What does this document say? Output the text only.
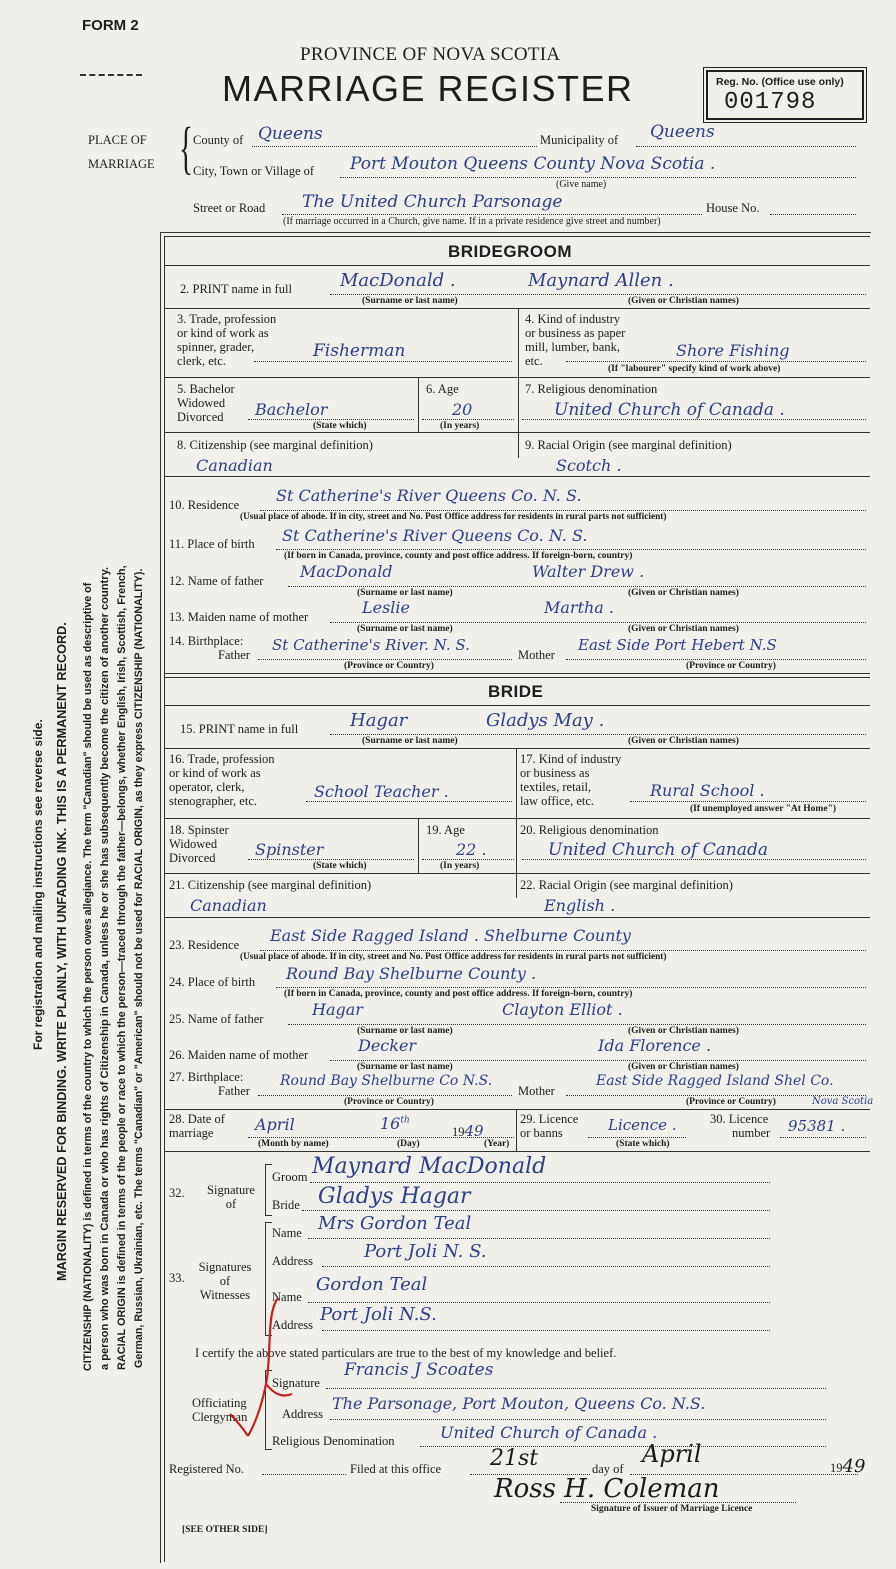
FORM 2
PROVINCE OF NOVA SCOTIA
MARRIAGE REGISTER	Reg. No. (Office use only)
001798
PLACE OF
MARRIAGE { County of Queens	Municipality of Queens
City, Town or Village of Port Mouton Queens County Nova Scotia .
(Give name)
Street or Road The United Church Parsonage	House No.
(If marriage occurred in a Church, give name. If in a private residence give street and number)
For registration and mailing instructions see reverse side. MARGIN RESERVED FOR BINDING. WRITE PLAINLY, WITH UNFADING INK. THIS IS A PERMANENT RECORD. CITIZENSHIP (NATIONALITY) is defined in terms of the country to which the person owes allegiance. The term "Canadian" should be used as descriptive of a person who was born in Canada or who has rights of Citizenship in Canada, unless he or she has subsequently become the citizen of another country. RACIAL ORIGIN is defined in terms of the people or race to which the person—traced through the father—belongs, whether English, Irish, Scottish, French, German, Russian, Ukrainian, etc. The terms "Canadian" or "American" should not be used for RACIAL ORIGIN, as they express CITIZENSHIP (NATIONALITY).
BRIDEGROOM
2. PRINT name in full	MacDonald .	Maynard Allen .
(Surname or last name)	(Given or Christian names)
3. Trade, profession
or kind of work as
spinner, grader,
clerk, etc.	Fisherman
4. Kind of industry
or business as paper
mill, lumber, bank,
etc.
Shore Fishing
(If "labourer" specify kind of work above)
5. Bachelor
Widowed
Divorced	Bachelor
(State which)
6. Age
20
(In years)
7. Religious denomination
United Church of Canada .
8. Citizenship (see marginal definition)
Canadian
9. Racial Origin (see marginal definition)
Scotch .
10. Residence St Catherine's River Queens Co. N. S.
(Usual place of abode. If in city, street and No. Post Office address for residents in rural parts not sufficient)
11. Place of birth St Catherine's River Queens Co. N. S.
(If born in Canada, province, county and post office address. If foreign-born, country)
12. Name of father MacDonald	Walter Drew .
(Surname or last name)	(Given or Christian names)
13. Maiden name of mother	Leslie	Martha .
(Surname or last name)	(Given or Christian names)
14. Birthplace:
Father
St Catherine's River. N. S.
(Province or Country)
Mother
East Side Port Hebert N.S
(Province or Country)
BRIDE
15. PRINT name in full	Hagar	Gladys May .
(Surname or last name)	(Given or Christian names)
16. Trade, profession
or kind of work as
operator, clerk,
stenographer, etc.	School Teacher .
17. Kind of industry
or business as
textiles, retail,
law office, etc.
Rural School .
(If unemployed answer "At Home")
18. Spinster
Widowed
Divorced	Spinster
(State which)
19. Age
22 .
(In years)
20. Religious denomination
United Church of Canada
21. Citizenship (see marginal definition)
Canadian
22. Racial Origin (see marginal definition)
English .
23. Residence East Side Ragged Island . Shelburne County
(Usual place of abode. If in city, street and No. Post Office address for residents in rural parts not sufficient)
24. Place of birth Round Bay Shelburne County .
(If born in Canada, province, county and post office address. If foreign-born, country)
25. Name of father	Hagar	Clayton Elliot .
(Surname or last name)	(Given or Christian names)
26. Maiden name of mother	Decker	Ida Florence .
(Surname or last name)	(Given or Christian names)
27. Birthplace:
Father
Round Bay Shelburne Co N.S.
(Province or Country)
Mother
East Side Ragged Island Shel Co.
(Province or Country)	Nova Scotia
28. Date of
marriage	April	16th
1949
(Month by name)	(Day)	(Year)
29. Licence
or banns	Licence .
(State which)
30. Licence
number 95381 .
32. Signature
of
Groom Maynard MacDonald
Bride Gladys Hagar
33.
Signatures
of
Witnesses
Name Mrs Gordon Teal
Address	Port Joli N. S.
Name
Gordon Teal
Address Port Joli N.S.
I certify the above stated particulars are true to the best of my knowledge and belief.
Officiating
Clergyman
Signature
Francis J Scoates
Address
The Parsonage, Port Mouton, Queens Co. N.S.
Religious Denomination	United Church of Canada .
Registered No.	Filed at this office 21st	day of
April	1949
Ross H. Coleman
Signature of Issuer of Marriage Licence
[SEE OTHER SIDE]
